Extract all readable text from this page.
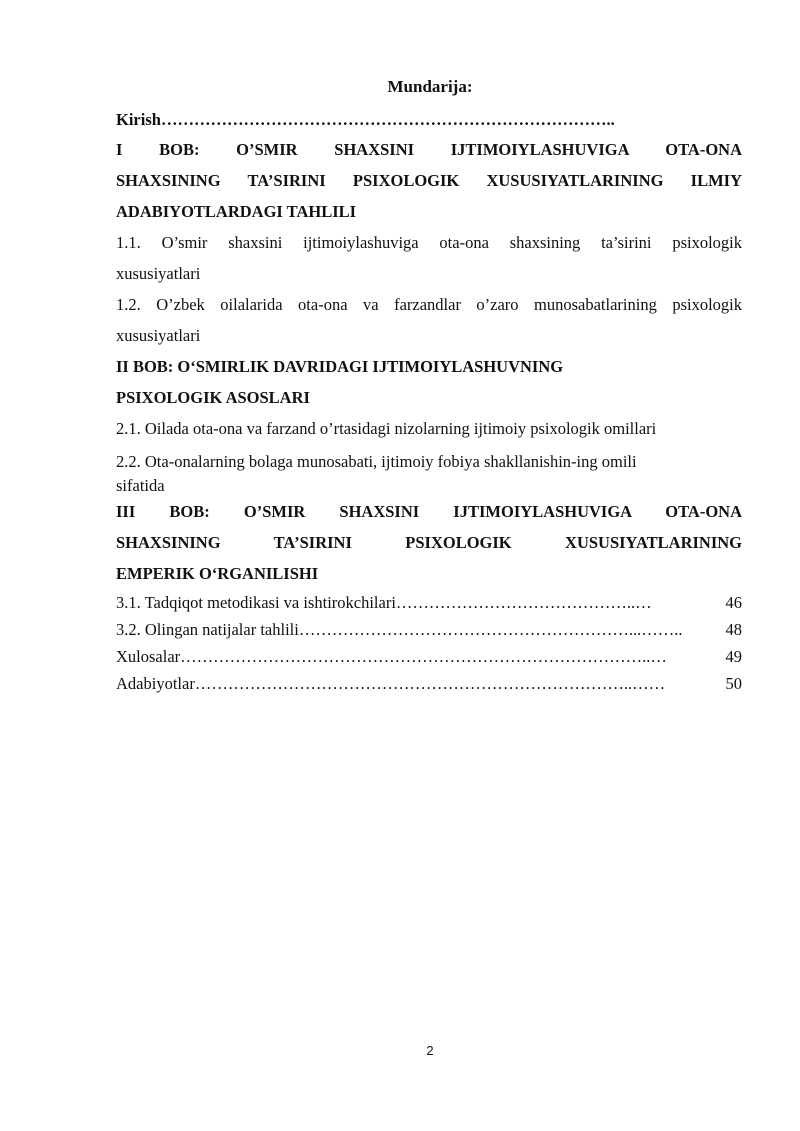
Mundarija:
Kirish………………………………………………………………………..
I BOB: O’SMIR SHAXSINI IJTIMOIYLASHUVIGA OTA-ONA
SHAXSINING TA’SIRINI PSIXOLOGIK XUSUSIYATLARINING ILMIY
ADABIYOTLARDAGI TAHLILI
1.1. O’smir shaxsini ijtimoiylashuviga ota-ona shaxsining ta’sirini psixologik
xususiyatlari
1.2. O’zbek oilalarida ota-ona va farzandlar o’zaro munosabatlarining psixologik
xususiyatlari
II BOB: O‘SMIRLIK DAVRIDAGI IJTIMOIYLASHUVNING
PSIXOLOGIK ASOSLARI
2.1. Oilada ota-ona va farzand o’rtasidagi nizolarning ijtimoiy psixologik omillari
2.2. Ota-onalarning bolaga munosabati, ijtimoiy fobiya shakllanishin-ing omili
sifatida
III BOB: O’SMIR SHAXSINI IJTIMOIYLASHUVIGA OTA-ONA
SHAXSINING TA’SIRINI PSIXOLOGIK XUSUSIYATLARINING
EMPERIK O‘RGANILISHI
3.1. Tadqiqot metodikasi va ishtirokchilari ……………………………………..…	46
3.2. Olingan natijalar tahlili ……………………………………………………...……..	48
Xulosalar …………………………………………………………………………..…	49
Adabiyotlar ……………………………………………………………………..……	50
2
